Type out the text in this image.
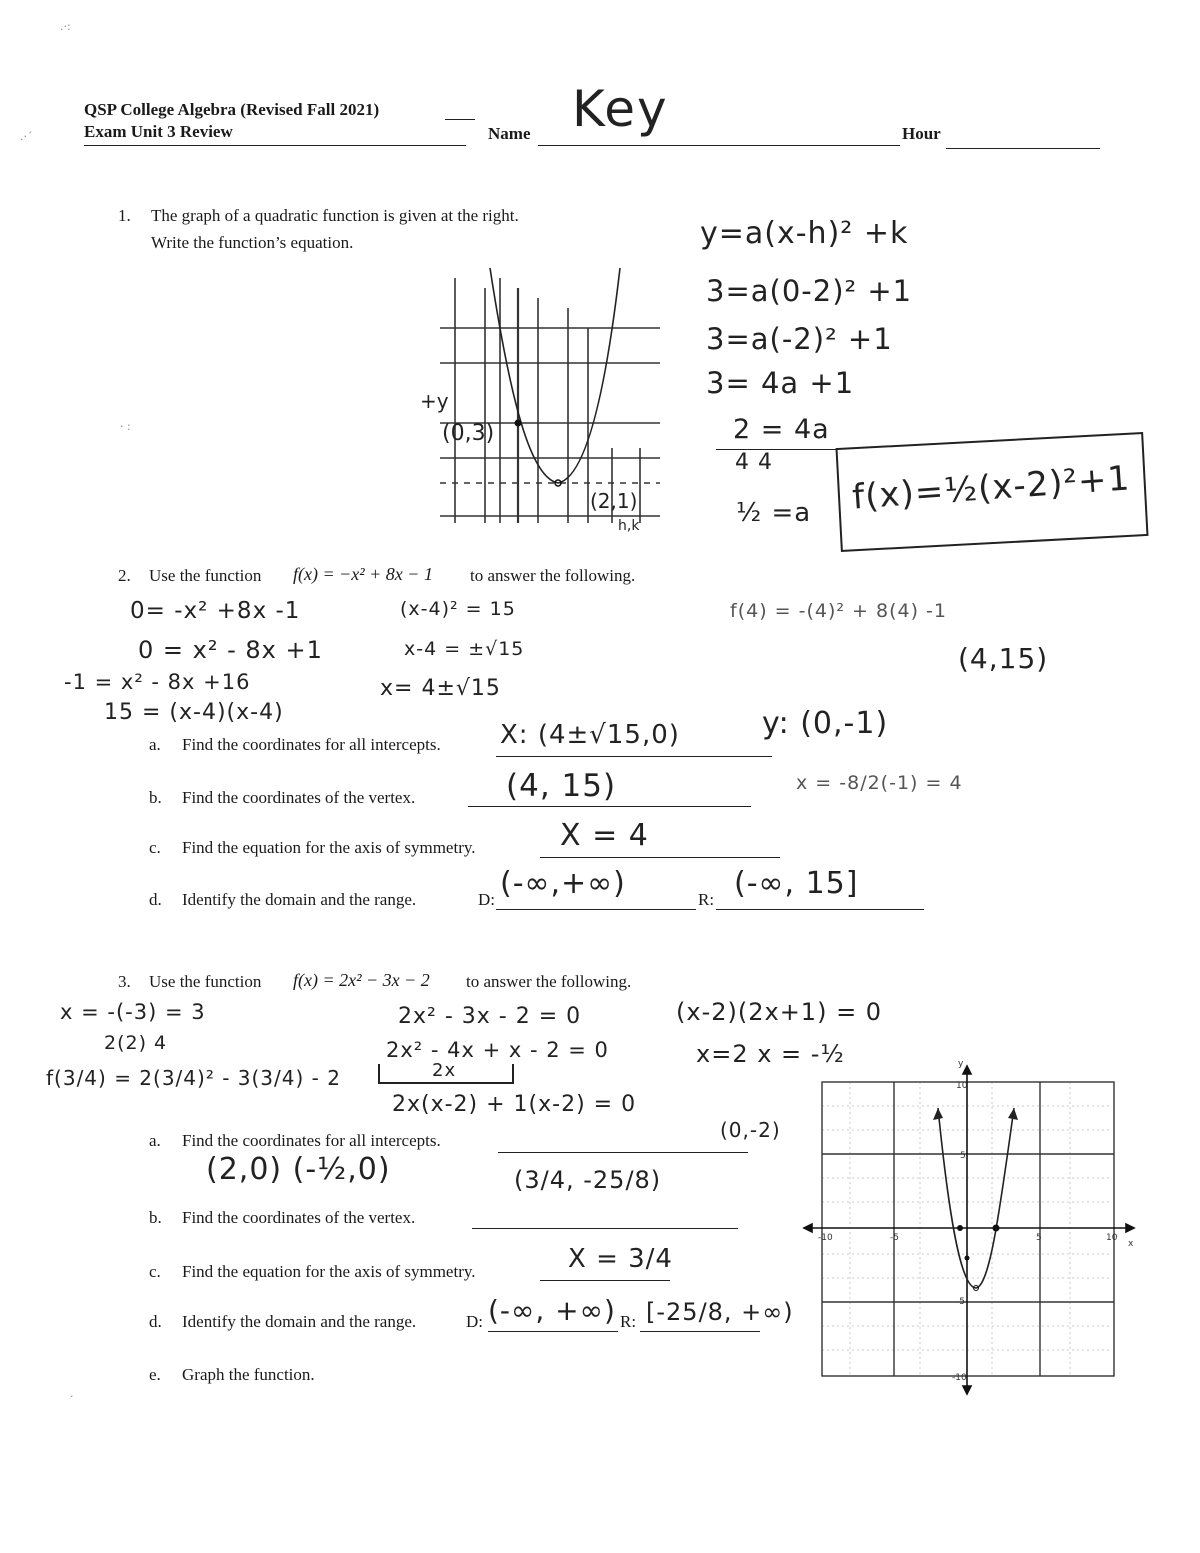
QSP College Algebra (Revised Fall 2021)
Exam Unit 3 Review	Name Key	Hour
1. The graph of a quadratic function is given at the right.
Write the function’s equation.
+y
(0,3)
(2,1)
h,k
y=a(x-h)² +k
3=a(0-2)² +1
3=a(-2)² +1
3= 4a +1
2 = 4a
4 4
½ =a f(x)=½(x-2)²+1
2. Use the function f(x) = −x² + 8x − 1 to answer the following.
0= -x² +8x -1
0 = x² - 8x +1
-1 = x² - 8x +16
15 = (x-4)(x-4)
(x-4)² = 15
x-4 = ±√15
x= 4±√15
f(4) = -(4)² + 8(4) -1
(4,15)
x = -8/2(-1) = 4
a. Find the coordinates for all intercepts. X: (4±√15,0)	y: (0,-1)
b. Find the coordinates of the vertex.	(4, 15)
c. Find the equation for the axis of symmetry.	X = 4
d. Identify the domain and the range.	D: (-∞,+∞)	R: (-∞, 15]
3. Use the function f(x) = 2x² − 3x − 2 to answer the following.
x = -(-3) = 3
2(2) 4
f(3/4) = 2(3/4)² - 3(3/4) - 2
2x² - 3x - 2 = 0
2x² - 4x + x - 2 = 0
2x
2x(x-2) + 1(x-2) = 0
(x-2)(2x+1) = 0
x=2 x = -½
(0,-2)
a. Find the coordinates for all intercepts.
(2,0) (-½,0)
b. Find the coordinates of the vertex.
(3/4, -25/8)
c. Find the equation for the axis of symmetry.	X = 3/4
d. Identify the domain and the range.	D: (-∞, +∞) R: [-25/8, +∞)
e. Graph the function.
y
x
10
5
-5
-10
-10	-5	5	10
.·:
.·´
· :
·
